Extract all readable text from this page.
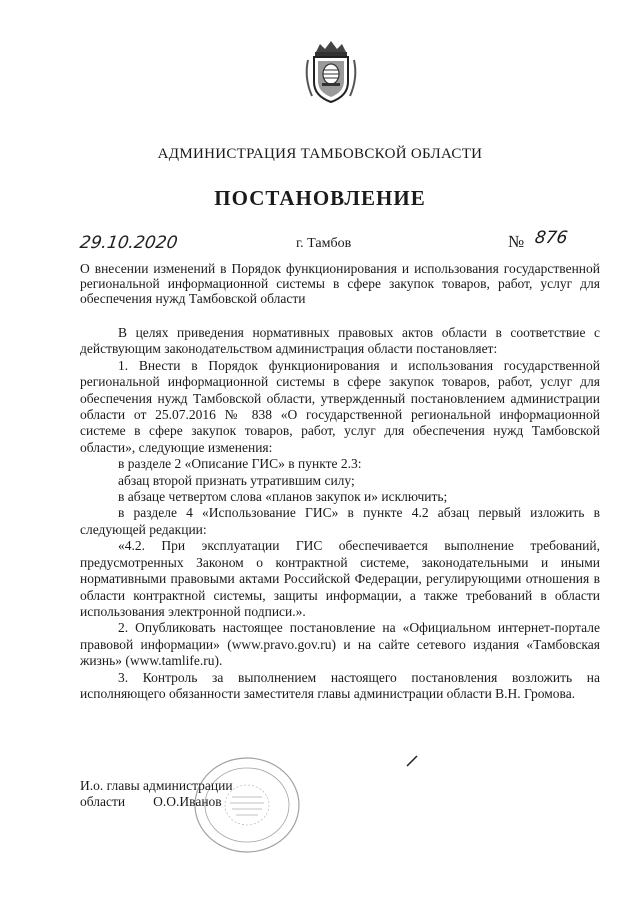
АДМИНИСТРАЦИЯ ТАМБОВСКОЙ ОБЛАСТИ
ПОСТАНОВЛЕНИЕ
29.10.2020	г. Тамбов	№ 876
О внесении изменений в Порядок функционирования и использования государственной региональной информационной системы в сфере закупок товаров, работ, услуг для обеспечения нужд Тамбовской области

В целях приведения нормативных правовых актов области в соответствие с действующим законодательством администрация области постановляет:

1. Внести в Порядок функционирования и использования государственной региональной информационной системы в сфере закупок товаров, работ, услуг для обеспечения нужд Тамбовской области, утвержденный постановлением администрации области от 25.07.2016 № 838 «О государственной региональной информационной системе в сфере закупок товаров, работ, услуг для обеспечения нужд Тамбовской области», следующие изменения:

в разделе 2 «Описание ГИС» в пункте 2.3:

абзац второй признать утратившим силу;

в абзаце четвертом слова «планов закупок и» исключить;

в разделе 4 «Использование ГИС» в пункте 4.2 абзац первый изложить в следующей редакции:

«4.2. При эксплуатации ГИС обеспечивается выполнение требований, предусмотренных Законом о контрактной системе, законодательными и иными нормативными правовыми актами Российской Федерации, регулирующими отношения в области контрактной системы, защиты информации, а также требований в области использования электронной подписи.».

2. Опубликовать настоящее постановление на «Официальном интернет-портале правовой информации» (www.pravo.gov.ru) и на сайте сетевого издания «Тамбовская жизнь» (www.tamlife.ru).

3. Контроль за выполнением настоящего постановления возложить на исполняющего обязанности заместителя главы администрации области В.Н. Громова.

И.о. главы администрации
области О.О.Иванов
